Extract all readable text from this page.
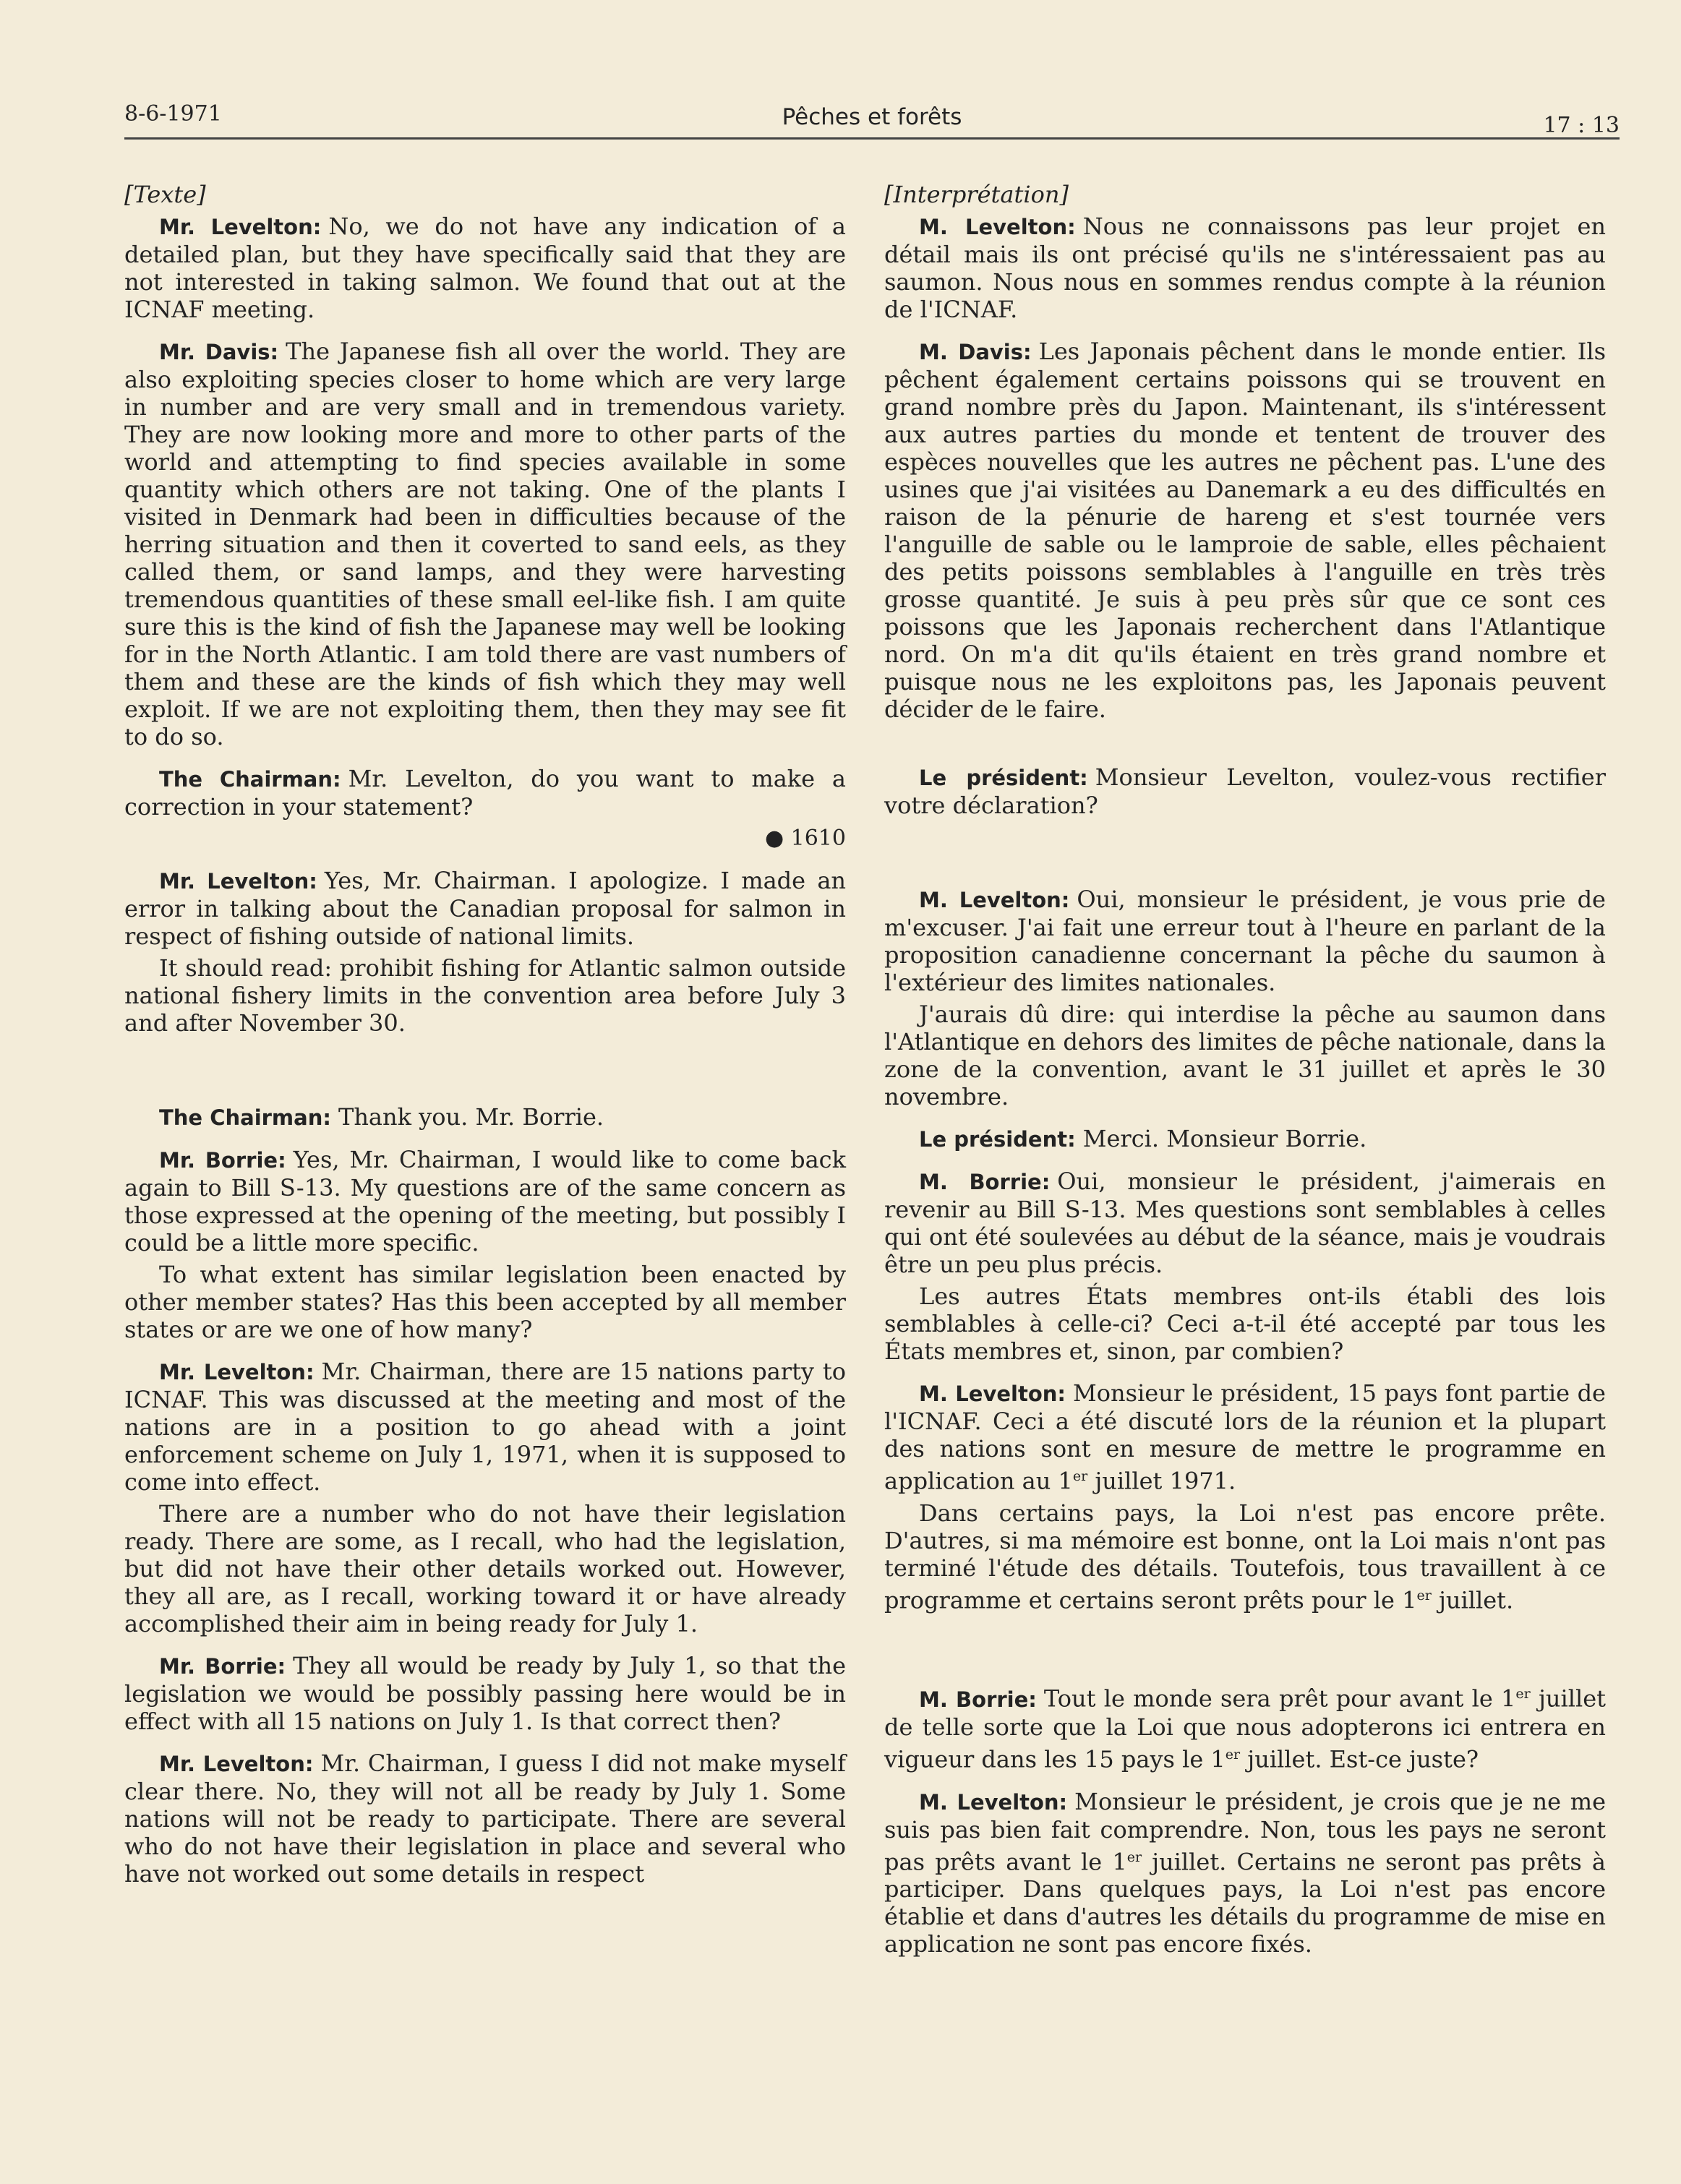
8-6-1971	Pêches et forêts	17 : 13
[Texte]

Mr. Levelton: No, we do not have any indication of a detailed plan, but they have specifically said that they are not interested in taking salmon. We found that out at the ICNAF meeting.

Mr. Davis: The Japanese fish all over the world. They are also exploiting species closer to home which are very large in number and are very small and in tremendous variety. They are now looking more and more to other parts of the world and attempting to find species available in some quantity which others are not taking. One of the plants I visited in Denmark had been in difficulties because of the herring situation and then it coverted to sand eels, as they called them, or sand lamps, and they were harvesting tremendous quantities of these small eel-like fish. I am quite sure this is the kind of fish the Japanese may well be looking for in the North Atlantic. I am told there are vast numbers of them and these are the kinds of fish which they may well exploit. If we are not exploiting them, then they may see fit to do so.

The Chairman: Mr. Levelton, do you want to make a correction in your statement?

● 1610

Mr. Levelton: Yes, Mr. Chairman. I apologize. I made an error in talking about the Canadian proposal for salmon in respect of fishing outside of national limits.

It should read: prohibit fishing for Atlantic salmon outside national fishery limits in the convention area before July 3 and after November 30.

The Chairman: Thank you. Mr. Borrie.

Mr. Borrie: Yes, Mr. Chairman, I would like to come back again to Bill S-13. My questions are of the same concern as those expressed at the opening of the meeting, but possibly I could be a little more specific.

To what extent has similar legislation been enacted by other member states? Has this been accepted by all member states or are we one of how many?

Mr. Levelton: Mr. Chairman, there are 15 nations party to ICNAF. This was discussed at the meeting and most of the nations are in a position to go ahead with a joint enforcement scheme on July 1, 1971, when it is supposed to come into effect.

There are a number who do not have their legislation ready. There are some, as I recall, who had the legislation, but did not have their other details worked out. However, they all are, as I recall, working toward it or have already accomplished their aim in being ready for July 1.

Mr. Borrie: They all would be ready by July 1, so that the legislation we would be possibly passing here would be in effect with all 15 nations on July 1. Is that correct then?

Mr. Levelton: Mr. Chairman, I guess I did not make myself clear there. No, they will not all be ready by July 1. Some nations will not be ready to participate. There are several who do not have their legislation in place and several who have not worked out some details in respect

[Interprétation]

M. Levelton: Nous ne connaissons pas leur projet en détail mais ils ont précisé qu'ils ne s'intéressaient pas au saumon. Nous nous en sommes rendus compte à la réunion de l'ICNAF.

M. Davis: Les Japonais pêchent dans le monde entier. Ils pêchent également certains poissons qui se trouvent en grand nombre près du Japon. Maintenant, ils s'intéressent aux autres parties du monde et tentent de trouver des espèces nouvelles que les autres ne pêchent pas. L'une des usines que j'ai visitées au Danemark a eu des difficultés en raison de la pénurie de hareng et s'est tournée vers l'anguille de sable ou le lamproie de sable, elles pêchaient des petits poissons semblables à l'anguille en très très grosse quantité. Je suis à peu près sûr que ce sont ces poissons que les Japonais recherchent dans l'Atlantique nord. On m'a dit qu'ils étaient en très grand nombre et puisque nous ne les exploitons pas, les Japonais peuvent décider de le faire.

Le président: Monsieur Levelton, voulez-vous rectifier votre déclaration?

M. Levelton: Oui, monsieur le président, je vous prie de m'excuser. J'ai fait une erreur tout à l'heure en parlant de la proposition canadienne concernant la pêche du saumon à l'extérieur des limites nationales.

J'aurais dû dire: qui interdise la pêche au saumon dans l'Atlantique en dehors des limites de pêche nationale, dans la zone de la convention, avant le 31 juillet et après le 30 novembre.

Le président: Merci. Monsieur Borrie.

M. Borrie: Oui, monsieur le président, j'aimerais en revenir au Bill S-13. Mes questions sont semblables à celles qui ont été soulevées au début de la séance, mais je voudrais être un peu plus précis.

Les autres États membres ont-ils établi des lois semblables à celle-ci? Ceci a-t-il été accepté par tous les États membres et, sinon, par combien?

M. Levelton: Monsieur le président, 15 pays font partie de l'ICNAF. Ceci a été discuté lors de la réunion et la plupart des nations sont en mesure de mettre le programme en application au 1er juillet 1971.

Dans certains pays, la Loi n'est pas encore prête. D'autres, si ma mémoire est bonne, ont la Loi mais n'ont pas terminé l'étude des détails. Toutefois, tous travaillent à ce programme et certains seront prêts pour le 1er juillet.

M. Borrie: Tout le monde sera prêt pour avant le 1er juillet de telle sorte que la Loi que nous adopterons ici entrera en vigueur dans les 15 pays le 1er juillet. Est-ce juste?

M. Levelton: Monsieur le président, je crois que je ne me suis pas bien fait comprendre. Non, tous les pays ne seront pas prêts avant le 1er juillet. Certains ne seront pas prêts à participer. Dans quelques pays, la Loi n'est pas encore établie et dans d'autres les détails du programme de mise en application ne sont pas encore fixés.
